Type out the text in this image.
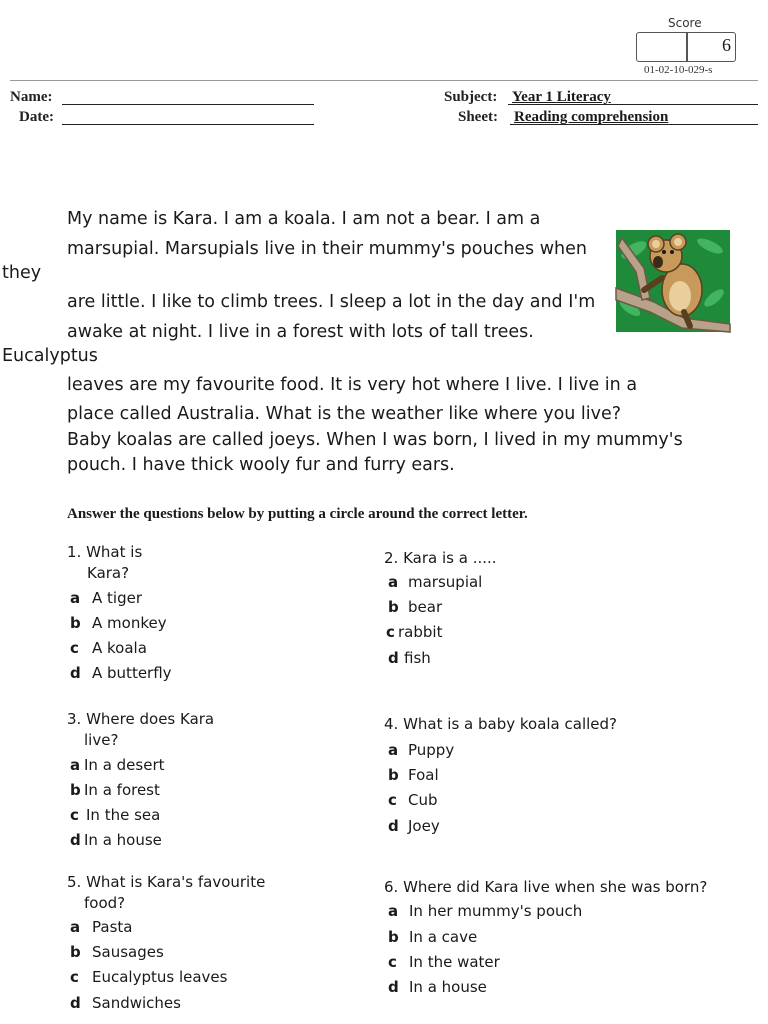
Score
6
01-02-10-029-s
Name:
Date:
Subject: Year 1 Literacy
Sheet: Reading comprehension
My name is Kara. I am a koala. I am not a bear. I am a
marsupial. Marsupials live in their mummy's pouches when
they
are little. I like to climb trees. I sleep a lot in the day and I'm
awake at night. I live in a forest with lots of tall trees.
Eucalyptus
leaves are my favourite food. It is very hot where I live. I live in a
place called Australia. What is the weather like where you live?
Baby koalas are called joeys. When I was born, I lived in my mummy's
pouch. I have thick wooly fur and furry ears.
Answer the questions below by putting a circle around the correct letter.
1. What is
Kara?
a A tiger
b A monkey
c A koala
d A butterfly
2. Kara is a .....
a marsupial
b bear
c rabbit
d fish
3. Where does Kara
live?
a In a desert
b In a forest
c In the sea
d In a house
4. What is a baby koala called?
a Puppy
b Foal
c Cub
d Joey
5. What is Kara's favourite
food?
a Pasta
b Sausages
c Eucalyptus leaves
d Sandwiches
6. Where did Kara live when she was born?
a In her mummy's pouch
b In a cave
c In the water
d In a house
